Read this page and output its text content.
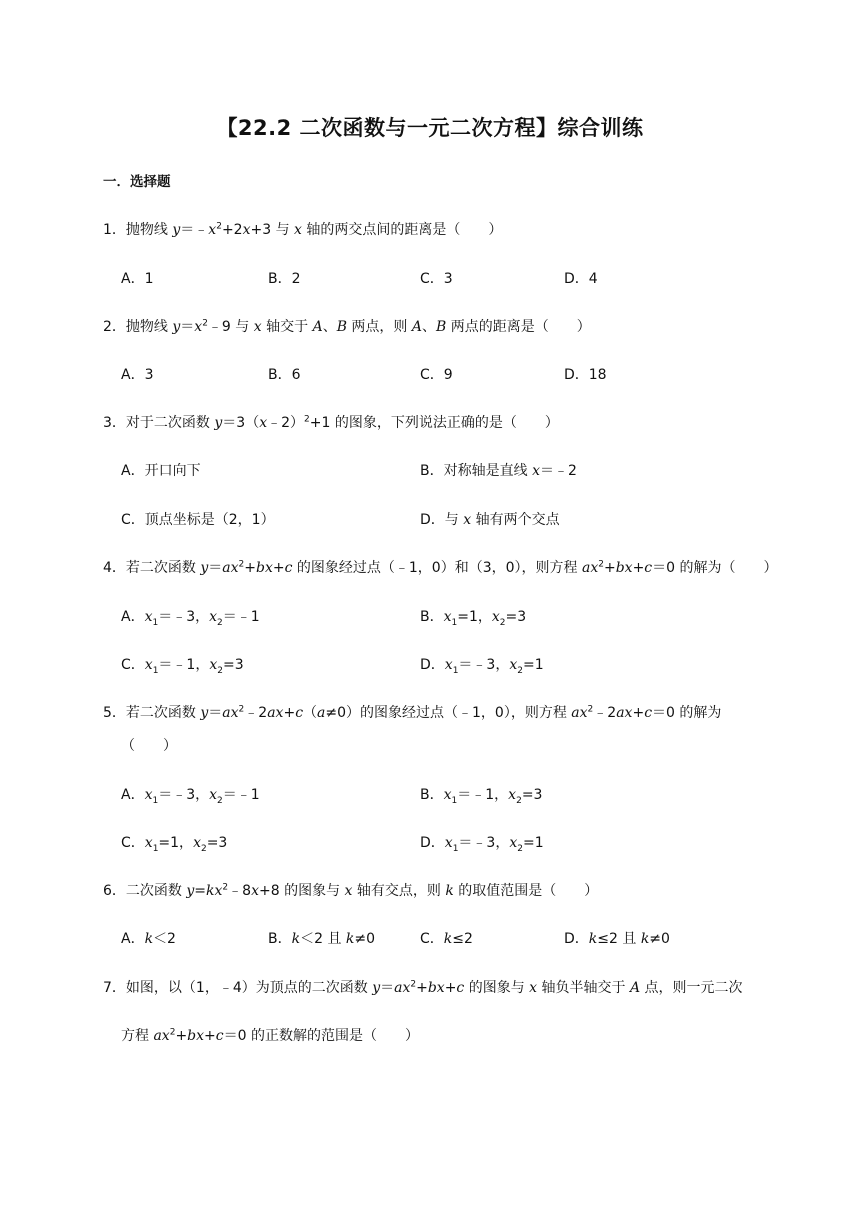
【22.2 二次函数与一元二次方程】综合训练
一．选择题
1．抛物线 $y=﹣x^2+2x+3$ 与 x 轴的两交点间的距离是（　　）
A．1	B．2	C．3	D．4
2．抛物线 $y=x^2﹣9$ 与 x 轴交于 A、B 两点，则 A、B 两点的距离是（　　）
A．3	B．6	C．9	D．18
3．对于二次函数 y＝3（x﹣2）$^2$+1 的图象，下列说法正确的是（　　）
A．开口向下	B．对称轴是直线 x＝﹣2
C．顶点坐标是（2，1）	D．与 x 轴有两个交点
4．若二次函数 $y=ax^2+bx+c$ 的图象经过点（﹣1，0）和（3，0），则方程 $ax^2+bx+c=0$ 的解为（　　）
A．$x_1=﹣3$，$x_2=﹣1$	B．$x_1=1$，$x_2=3$
C．$x_1=﹣1$，$x_2=3$	D．$x_1=﹣3$，$x_2=1$
5．若二次函数 $y=ax^2﹣2ax+c(a\ne 0)$的图象经过点（﹣1，0），则方程 $ax^2﹣2ax+c=0$ 的解为
（　　）
A．$x_1=﹣3$，$x_2=﹣1$	B．$x_1=﹣1$，$x_2=3$
C．$x_1=1$，$x_2=3$	D．$x_1=﹣3$，$x_2=1$
6．二次函数 $y=kx^2﹣8x+8$ 的图象与 x 轴有交点，则 k 的取值范围是（　　）
A．k＜2	B．k＜2 且 k≠0	C．k≤2	D．k≤2 且 k≠0
7．如图，以（1，﹣4）为顶点的二次函数 $y=ax^2+bx+c$ 的图象与 x 轴负半轴交于 A 点，则一元二次
方程 $ax^2+bx+c=0$ 的正数解的范围是（　　）
